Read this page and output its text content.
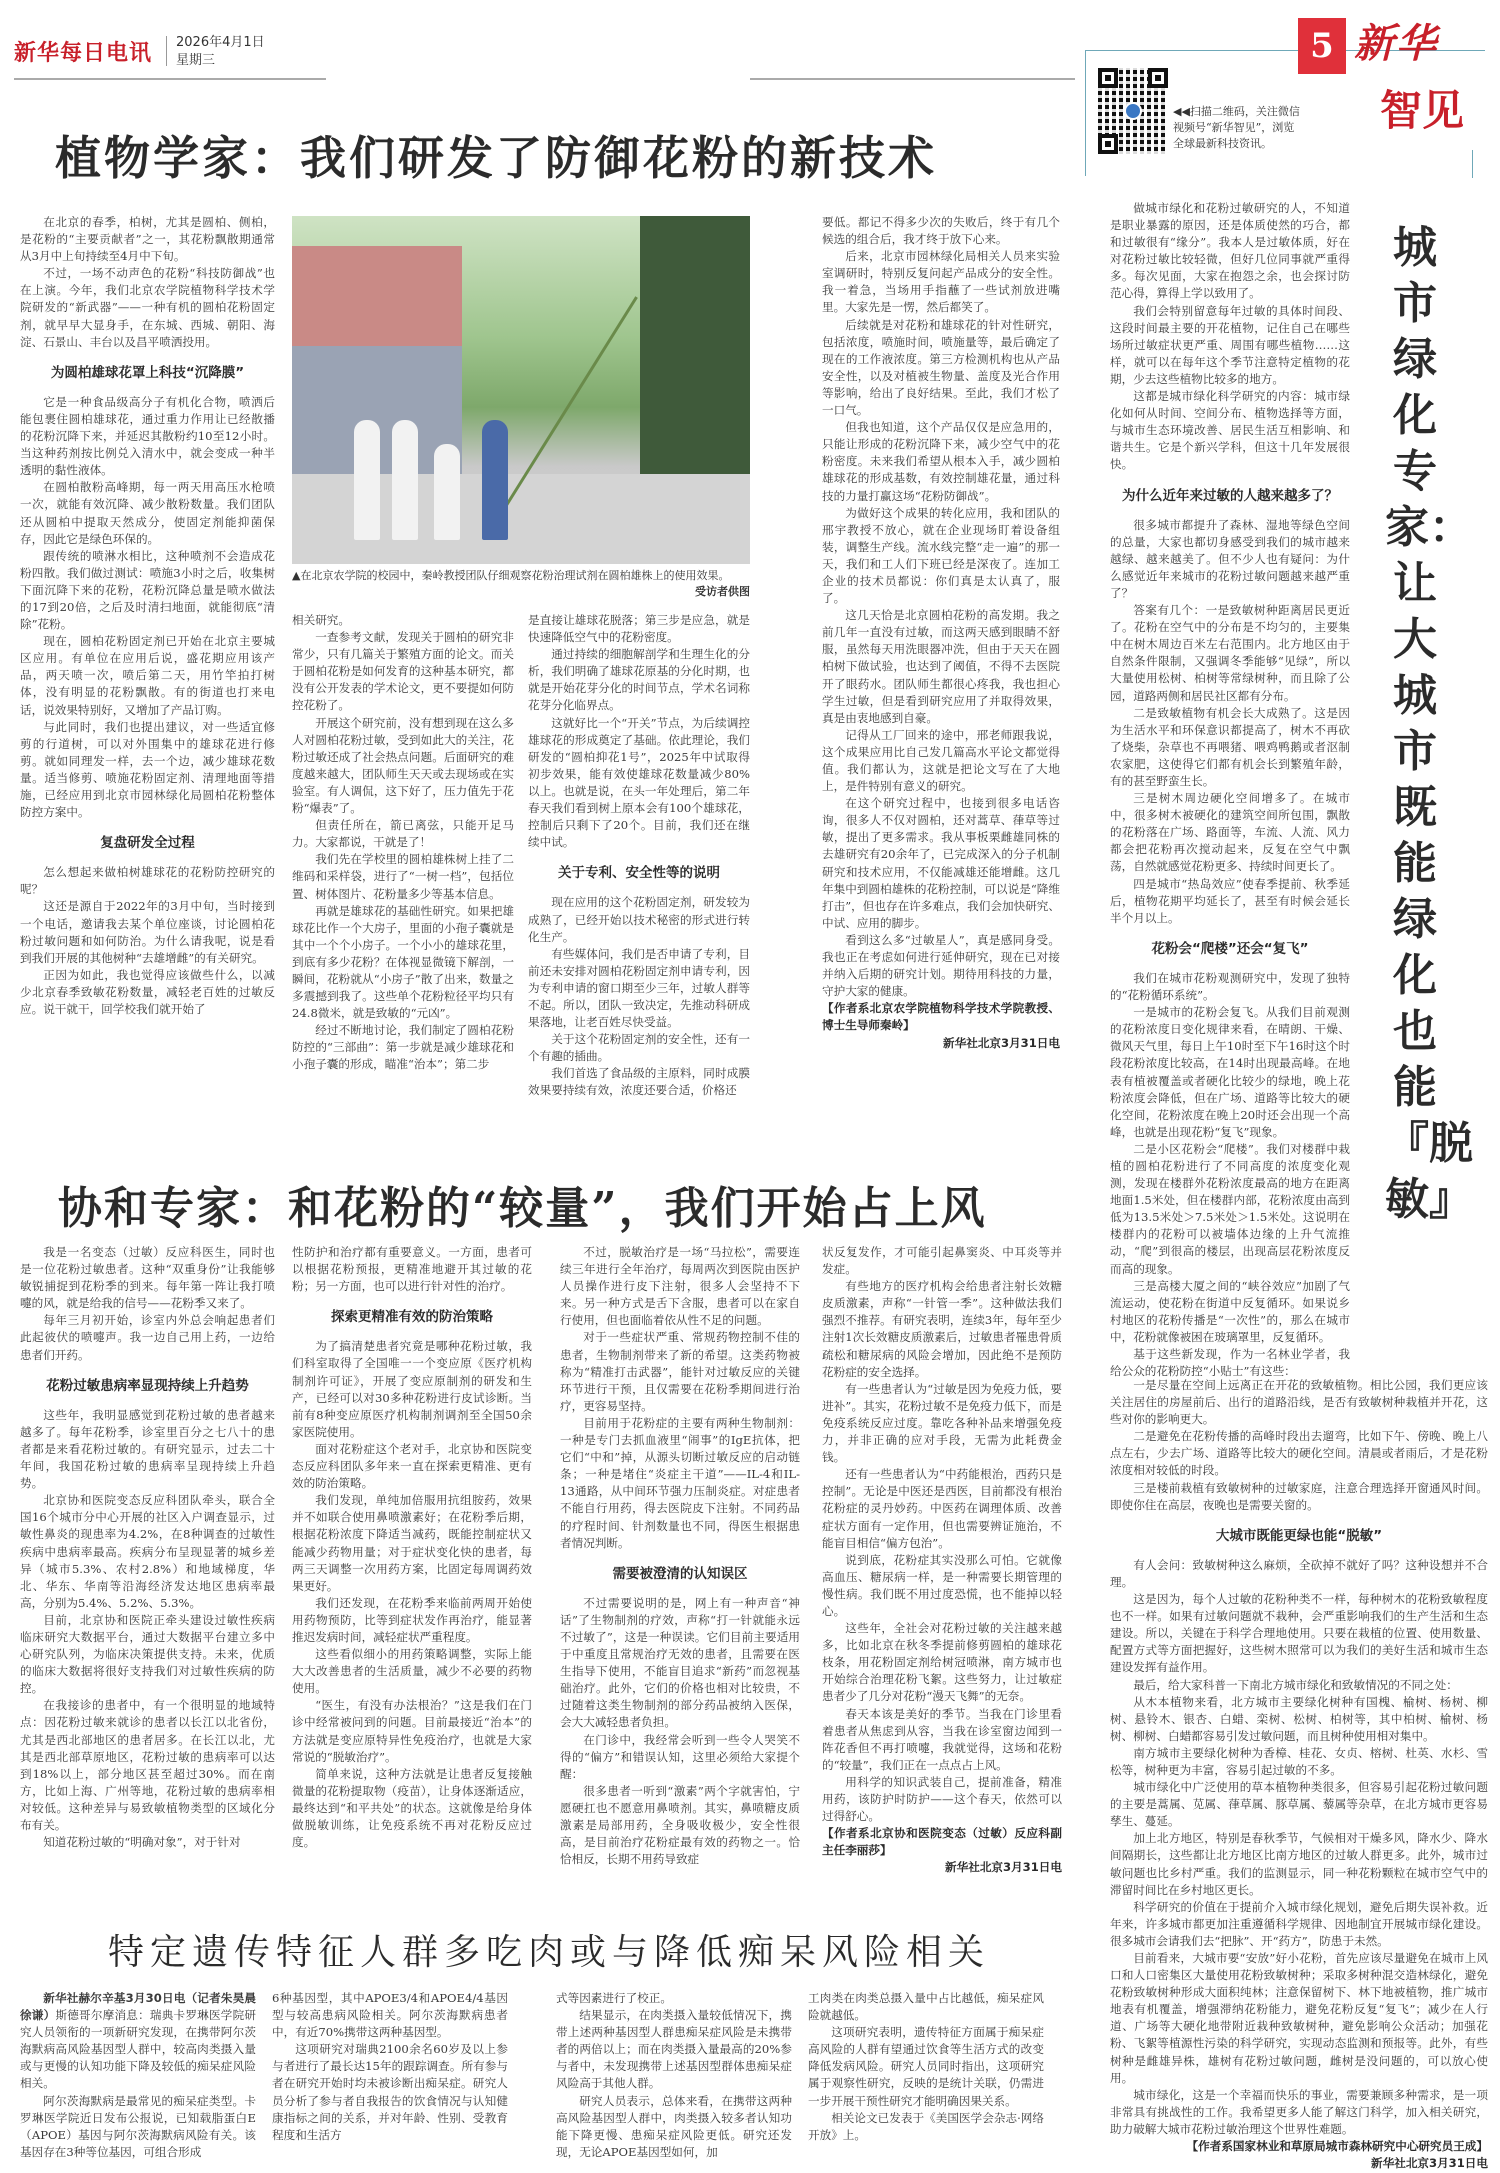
新华每日电讯 2026年4月1日
星期三
◀◀扫描二维码，关注微信视频号“新华智见”，浏览全球最新科技资讯。
5 新华
智见
植物学家：我们研发了防御花粉的新技术

在北京的春季，柏树，尤其是圆柏、侧柏，是花粉的“主要贡献者”之一，其花粉飘散期通常从3月中上旬持续至4月中下旬。

不过，一场不动声色的花粉“科技防御战”也在上演。今年，我们北京农学院植物科学技术学院研发的“新武器”——一种有机的圆柏花粉固定剂，就早早大显身手，在东城、西城、朝阳、海淀、石景山、丰台以及昌平喷洒投用。

为圆柏雄球花罩上科技“沉降膜”

它是一种食品级高分子有机化合物，喷洒后能包裹住圆柏雄球花，通过重力作用让已经散播的花粉沉降下来，并延迟其散粉约10至12小时。当这种药剂按比例兑入清水中，就会变成一种半透明的黏性液体。

在圆柏散粉高峰期，每一两天用高压水枪喷一次，就能有效沉降、减少散粉数量。我们团队还从圆柏中提取天然成分，使固定剂能抑菌保存，因此它是绿色环保的。

跟传统的喷淋水相比，这种喷剂不会造成花粉四散。我们做过测试：喷施3小时之后，收集树下面沉降下来的花粉，花粉沉降总量是喷水做法的17到20倍，之后及时清扫地面，就能彻底“清除”花粉。

现在，圆柏花粉固定剂已开始在北京主要城区应用。有单位在应用后说，盛花期应用该产品，两天喷一次，喷后第二天，用竹竿拍打树体，没有明显的花粉飘散。有的街道也打来电话，说效果特别好，又增加了产品订购。

与此同时，我们也提出建议，对一些适宜修剪的行道树，可以对外围集中的雄球花进行修剪。就如同理发一样，去一个边，减少雄球花数量。适当修剪、喷施花粉固定剂、清理地面等措施，已经应用到北京市园林绿化局圆柏花粉整体防控方案中。

复盘研发全过程

怎么想起来做柏树雄球花的花粉防控研究的呢？

这还是源自于2022年的3月中旬，当时接到一个电话，邀请我去某个单位座谈，讨论圆柏花粉过敏问题和如何防治。为什么请我呢，说是看到我们开展的其他树种“去雄增雌”的有关研究。

正因为如此，我也觉得应该做些什么，以减少北京春季致敏花粉数量，减轻老百姓的过敏反应。说干就干，回学校我们就开始了

▲在北京农学院的校园中，秦岭教授团队仔细观察花粉治理试剂在圆柏雄株上的使用效果。
受访者供图

相关研究。

一查参考文献，发现关于圆柏的研究非常少，只有几篇关于繁殖方面的论文。而关于圆柏花粉是如何发育的这种基本研究，都没有公开发表的学术论文，更不要提如何防控花粉了。

开展这个研究前，没有想到现在这么多人对圆柏花粉过敏，受到如此大的关注，花粉过敏还成了社会热点问题。后面研究的难度越来越大，团队师生天天或去现场或在实验室。有人调侃，这下好了，压力值先于花粉“爆表”了。

但责任所在，箭已离弦，只能开足马力。大家都说，干就是了！

我们先在学校里的圆柏雄株树上挂了二维码和采样袋，进行了“一树一档”，包括位置、树体图片、花粉量多少等基本信息。

再就是雄球花的基础性研究。如果把雄球花比作一个大房子，里面的小孢子囊就是其中一个个小房子。一个小小的雄球花里，到底有多少花粉？在体视显微镜下解剖，一瞬间，花粉就从“小房子”散了出来，数量之多震撼到我了。这些单个花粉粒径平均只有24.8微米，就是致敏的“元凶”。

经过不断地讨论，我们制定了圆柏花粉防控的“三部曲”：第一步就是减少雄球花和小孢子囊的形成，瞄准“治本”；第二步

是直接让雄球花脱落；第三步是应急，就是快速降低空气中的花粉密度。

通过持续的细胞解剖学和生理生化的分析，我们明确了雄球花原基的分化时期，也就是开始花芽分化的时间节点，学术名词称花芽分化临界点。

这就好比一个“开关”节点，为后续调控雄球花的形成奠定了基础。依此理论，我们研发的“圆柏抑花1号”，2025年中试取得初步效果，能有效使雄球花数量减少80%以上。也就是说，在头一年处理后，第二年春天我们看到树上原本会有100个雄球花，控制后只剩下了20个。目前，我们还在继续中试。

关于专利、安全性等的说明

现在应用的这个花粉固定剂，研发较为成熟了，已经开始以技术秘密的形式进行转化生产。

有些媒体问，我们是否申请了专利，目前还未安排对圆柏花粉固定剂申请专利，因为专利申请的窗口期至少三年，过敏人群等不起。所以，团队一致决定，先推动科研成果落地，让老百姓尽快受益。

关于这个花粉固定剂的安全性，还有一个有趣的插曲。

我们首选了食品级的主原料，同时成膜效果要持续有效，浓度还要合适，价格还

要低。都记不得多少次的失败后，终于有几个候选的组合后，我才终于放下心来。

后来，北京市园林绿化局相关人员来实验室调研时，特别反复问起产品成分的安全性。我一着急，当场用手指蘸了一些试剂放进嘴里。大家先是一愣，然后都笑了。

后续就是对花粉和雄球花的针对性研究，包括浓度，喷施时间，喷施量等，最后确定了现在的工作液浓度。第三方检测机构也从产品安全性，以及对植被生物量、盖度及光合作用等影响，给出了良好结果。至此，我们才松了一口气。

但我也知道，这个产品仅仅是应急用的，只能让形成的花粉沉降下来，减少空气中的花粉密度。未来我们希望从根本入手，减少圆柏雄球花的形成基数，有效控制雄花量，通过科技的力量打赢这场“花粉防御战”。

为做好这个成果的转化应用，我和团队的邢宇教授不放心，就在企业现场盯着设备组装，调整生产线。流水线完整“走一遍”的那一天，我们和工人们下班已经是深夜了。连加工企业的技术员都说：你们真是太认真了，服了。

这几天恰是北京圆柏花粉的高发期。我之前几年一直没有过敏，而这两天感到眼睛不舒服，虽然每天用洗眼器冲洗，但由于天天在圆柏树下做试验，也达到了阈值，不得不去医院开了眼药水。团队师生都很心疼我，我也担心学生过敏，但是看到研究应用了并取得效果，真是由衷地感到自豪。

记得从工厂回来的途中，邢老师跟我说，这个成果应用比自己发几篇高水平论文都觉得值。我们都认为，这就是把论文写在了大地上，是件特别有意义的研究。

在这个研究过程中，也接到很多电话咨询，很多人不仅对圆柏，还对蒿草、葎草等过敏，提出了更多需求。我从事板栗雌雄同株的去雄研究有20余年了，已完成深入的分子机制研究和技术应用，不仅能减雄还能增雌。这几年集中到圆柏雄株的花粉控制，可以说是“降维打击”，但也存在许多难点，我们会加快研究、中试、应用的脚步。

看到这么多“过敏星人”，真是感同身受。我也正在考虑如何进行延伸研究，现在已对接并纳入后期的研究计划。期待用科技的力量，守护大家的健康。

【作者系北京农学院植物科学技术学院教授、博士生导师秦岭】

新华社北京3月31日电

做城市绿化和花粉过敏研究的人，不知道是职业暴露的原因，还是体质使然的巧合，都和过敏很有“缘分”。我本人是过敏体质，好在对花粉过敏比较轻微，但好几位同事就严重得多。每次见面，大家在抱怨之余，也会探讨防范心得，算得上学以致用了。

我们会特别留意每年过敏的具体时间段、这段时间最主要的开花植物，记住自己在哪些场所过敏症状更严重、周围有哪些植物……这样，就可以在每年这个季节注意特定植物的花期，少去这些植物比较多的地方。

这都是城市绿化科学研究的内容：城市绿化如何从时间、空间分布、植物选择等方面，与城市生态环境改善、居民生活互相影响、和谐共生。它是个新兴学科，但这十几年发展很快。

为什么近年来过敏的人越来越多了？

很多城市都提升了森林、湿地等绿色空间的总量，大家也都切身感受到我们的城市越来越绿、越来越美了。但不少人也有疑问：为什么感觉近年来城市的花粉过敏问题越来越严重了？

答案有几个：一是致敏树种距离居民更近了。花粉在空气中的分布是不均匀的，主要集中在树木周边百米左右范围内。北方地区由于自然条件限制，又强调冬季能够“见绿”，所以大量使用松树、柏树等常绿树种，而且除了公园，道路两侧和居民社区都有分布。

二是致敏植物有机会长大成熟了。这是因为生活水平和环保意识都提高了，树木不再砍了烧柴，杂草也不再喂猪、喂鸡鸭鹅或者沤制农家肥，这使得它们都有机会长到繁殖年龄，有的甚至野蛮生长。

三是树木周边硬化空间增多了。在城市中，很多树木被硬化的建筑空间所包围，飘散的花粉落在广场、路面等，车流、人流、风力都会把花粉再次搅动起来，反复在空气中飘荡，自然就感觉花粉更多、持续时间更长了。

四是城市“热岛效应”使春季提前、秋季延后，植物花期平均延长了，甚至有时候会延长半个月以上。

花粉会“爬楼”还会“复飞”

我们在城市花粉观测研究中，发现了独特的“花粉循环系统”。

一是城市的花粉会复飞。从我们目前观测的花粉浓度日变化规律来看，在晴朗、干燥、微风天气里，每日上午10时至下午16时这个时段花粉浓度比较高，在14时出现最高峰。在地表有植被覆盖或者硬化比较少的绿地，晚上花粉浓度会降低，但在广场、道路等比较大的硬化空间，花粉浓度在晚上20时还会出现一个高峰，也就是出现花粉“复飞”现象。

二是小区花粉会“爬楼”。我们对楼群中栽植的圆柏花粉进行了不同高度的浓度变化观测，发现在楼群外花粉浓度最高的地方在距离地面1.5米处，但在楼群内部，花粉浓度由高到低为13.5米处＞7.5米处＞1.5米处。这说明在楼群内的花粉可以被墙体边缘的上升气流推动，“爬”到很高的楼层，出现高层花粉浓度反而高的现象。

三是高楼大厦之间的“峡谷效应”加剧了气流运动，使花粉在街道中反复循环。如果说乡村地区的花粉传播是“一次性”的，那么在城市中，花粉就像被困在玻璃罩里，反复循环。

基于这些新发现，作为一名林业学者，我给公众的花粉防控“小贴士”有这些：

城市绿化专家：让大城市既能绿化也能『脱敏』

一是尽量在空间上远离正在开花的致敏植物。相比公园，我们更应该关注居住的房屋前后、出行的道路沿线，是否有致敏树种栽植并开花，这些对你的影响更大。

二是避免在花粉传播的高峰时段出去遛弯，比如下午、傍晚、晚上八点左右，少去广场、道路等比较大的硬化空间。清晨或者雨后，才是花粉浓度相对较低的时段。

三是楼前栽植有致敏树种的过敏家庭，注意合理选择开窗通风时间。即使你住在高层，夜晚也是需要关窗的。

大城市既能更绿也能“脱敏”

有人会问：致敏树种这么麻烦，全砍掉不就好了吗？这种设想并不合理。

这是因为，每个人过敏的花粉种类不一样，每种树木的花粉致敏程度也不一样。如果有过敏问题就不栽种，会严重影响我们的生产生活和生态建设。所以，关键在于科学合理地使用。只要在栽植的位置、使用数量、配置方式等方面把握好，这些树木照常可以为我们的美好生活和城市生态建设发挥有益作用。

最后，给大家科普一下南北方城市绿化和致敏情况的不同之处：

从木本植物来看，北方城市主要绿化树种有国槐、榆树、杨树、柳树、悬铃木、银杏、白蜡、栾树、松树、柏树等，其中柏树、榆树、杨树、柳树、白蜡都容易引发过敏问题，而且树种使用相对集中。

南方城市主要绿化树种为香樟、桂花、女贞、榕树、杜英、水杉、雪松等，树种更为丰富，容易引起过敏的不多。

城市绿化中广泛使用的草本植物种类很多，但容易引起花粉过敏问题的主要是蒿属、苋属、葎草属、豚草属、藜属等杂草，在北方城市更容易孳生、蔓延。

加上北方地区，特别是春秋季节，气候相对干燥多风，降水少、降水间隔期长，这些都让北方地区比南方地区的过敏人群更多。此外，城市过敏问题也比乡村严重。我们的监测显示，同一种花粉颗粒在城市空气中的滞留时间比在乡村地区更长。

科学研究的价值在于提前介入城市绿化规划，避免后期失误补救。近年来，许多城市都更加注重遵循科学规律、因地制宜开展城市绿化建设。很多城市会请我们去“把脉”、开“药方”，防患于未然。

目前看来，大城市要“安放”好小花粉，首先应该尽量避免在城市上风口和人口密集区大量使用花粉致敏树种；采取多树种混交造林绿化，避免花粉致敏树种形成大面积纯林；注意保留树下、林下地被植物，推广城市地表有机覆盖，增强滞纳花粉能力，避免花粉反复“复飞”；减少在人行道、广场等大硬化地带附近栽种致敏树种，避免影响公众活动；加强花粉、飞絮等植源性污染的科学研究，实现动态监测和预报等。此外，有些树种是雌雄异株，雄树有花粉过敏问题，雌树是没问题的，可以放心使用。

城市绿化，这是一个幸福而快乐的事业，需要兼顾多种需求，是一项非常具有挑战性的工作。我希望更多人能了解这门科学，加入相关研究，助力破解大城市花粉过敏治理这个世界性难题。

【作者系国家林业和草原局城市森林研究中心研究员王成】

新华社北京3月31日电

协和专家：和花粉的“较量”，我们开始占上风

我是一名变态（过敏）反应科医生，同时也是一位花粉过敏患者。这种“双重身份”让我能够敏锐捕捉到花粉季的到来。每年第一阵让我打喷嚏的风，就是给我的信号——花粉季又来了。

每年三月初开始，诊室内外总会响起患者们此起彼伏的喷嚏声。我一边自己用上药，一边给患者们开药。

花粉过敏患病率显现持续上升趋势

这些年，我明显感觉到花粉过敏的患者越来越多了。每年花粉季，诊室里百分之七八十的患者都是来看花粉过敏的。有研究显示，过去二十年间，我国花粉过敏的患病率呈现持续上升趋势。

北京协和医院变态反应科团队牵头，联合全国16个城市分中心开展的社区入户调查显示，过敏性鼻炎的现患率为4.2%，在8种调查的过敏性疾病中患病率最高。疾病分布呈现显著的城乡差异（城市5.3%、农村2.8%）和地域梯度，华北、华东、华南等沿海经济发达地区患病率最高，分别为5.4%、5.2%、5.3%。

目前，北京协和医院正牵头建设过敏性疾病临床研究大数据平台，通过大数据平台建立多中心研究队列，为临床决策提供支持。未来，优质的临床大数据将很好支持我们对过敏性疾病的防控。

在我接诊的患者中，有一个很明显的地域特点：因花粉过敏来就诊的患者以长江以北省份，尤其是西北部地区的患者居多。在长江以北，尤其是西北部草原地区，花粉过敏的患病率可以达到18%以上，部分地区甚至超过30%。而在南方，比如上海、广州等地，花粉过敏的患病率相对较低。这种差异与易致敏植物类型的区域化分布有关。

知道花粉过敏的“明确对象”，对于针对

性防护和治疗都有重要意义。一方面，患者可以根据花粉预报，更精准地避开其过敏的花粉；另一方面，也可以进行针对性的治疗。

探索更精准有效的防治策略

为了搞清楚患者究竟是哪种花粉过敏，我们科室取得了全国唯一一个变应原《医疗机构制剂许可证》，开展了变应原制剂的研发和生产，已经可以对30多种花粉进行皮试诊断。当前有8种变应原医疗机构制剂调剂至全国50余家医院使用。

面对花粉症这个老对手，北京协和医院变态反应科团队多年来一直在探索更精准、更有效的防治策略。

我们发现，单纯加倍服用抗组胺药，效果并不如联合使用鼻喷激素好；在花粉季后期，根据花粉浓度下降适当减药，既能控制症状又能减少药物用量；对于症状变化快的患者，每两三天调整一次用药方案，比固定每周调药效果更好。

我们还发现，在花粉季来临前两周开始使用药物预防，比等到症状发作再治疗，能显著推迟发病时间，减轻症状严重程度。

这些看似细小的用药策略调整，实际上能大大改善患者的生活质量，减少不必要的药物使用。

“医生，有没有办法根治？”这是我们在门诊中经常被问到的问题。目前最接近“治本”的方法就是变应原特异性免疫治疗，也就是大家常说的“脱敏治疗”。

简单来说，这种方法就是让患者反复接触微量的花粉提取物（疫苗），让身体逐渐适应，最终达到“和平共处”的状态。这就像是给身体做脱敏训练，让免疫系统不再对花粉反应过度。

不过，脱敏治疗是一场“马拉松”，需要连续三年进行全年治疗，每周两次到医院由医护人员操作进行皮下注射，很多人会坚持不下来。另一种方式是舌下含服，患者可以在家自行使用，但也面临着依从性不足的问题。

对于一些症状严重、常规药物控制不佳的患者，生物制剂带来了新的希望。这类药物被称为“精准打击武器”，能针对过敏反应的关键环节进行干预，且仅需要在花粉季期间进行治疗，更容易坚持。

目前用于花粉症的主要有两种生物制剂：一种是专门去抓血液里“闹事”的IgE抗体，把它们“中和”掉，从源头切断过敏反应的启动链条；一种是堵住“炎症主干道”——IL-4和IL-13通路，从中间环节强力压制炎症。对症患者不能自行用药，得去医院皮下注射。不同药品的疗程时间、针剂数量也不同，得医生根据患者情况判断。

需要被澄清的认知误区

不过需要说明的是，网上有一种声音“神话”了生物制剂的疗效，声称“打一针就能永远不过敏了”，这是一种误读。它们目前主要适用于中重度且常规治疗无效的患者，且需要在医生指导下使用，不能盲目追求“新药”而忽视基础治疗。此外，它们的价格也相对比较贵，不过随着这类生物制剂的部分药品被纳入医保，会大大减轻患者负担。

在门诊中，我经常会听到一些令人哭笑不得的“偏方”和错误认知，这里必须给大家提个醒：

很多患者一听到“激素”两个字就害怕，宁愿硬扛也不愿意用鼻喷剂。其实，鼻喷糖皮质激素是局部用药，全身吸收极少，安全性很高，是目前治疗花粉症最有效的药物之一。恰恰相反，长期不用药导致症

状反复发作，才可能引起鼻窦炎、中耳炎等并发症。

有些地方的医疗机构会给患者注射长效糖皮质激素，声称“一针管一季”。这种做法我们强烈不推荐。有研究表明，连续3年，每年至少注射1次长效糖皮质激素后，过敏患者罹患骨质疏松和糖尿病的风险会增加，因此绝不是预防花粉症的安全选择。

有一些患者认为“过敏是因为免疫力低，要进补”。其实，花粉过敏不是免疫力低下，而是免疫系统反应过度。靠吃各种补品来增强免疫力，并非正确的应对手段，无需为此耗费金钱。

还有一些患者认为“中药能根治，西药只是控制”。无论是中医还是西医，目前都没有根治花粉症的灵丹妙药。中医药在调理体质、改善症状方面有一定作用，但也需要辨证施治，不能盲目相信“偏方包治”。

说到底，花粉症其实没那么可怕。它就像高血压、糖尿病一样，是一种需要长期管理的慢性病。我们既不用过度恐慌，也不能掉以轻心。

这些年，全社会对花粉过敏的关注越来越多，比如北京在秋冬季提前修剪圆柏的雄球花枝条，用花粉固定剂给树冠喷淋，南方城市也开始综合治理花粉飞絮。这些努力，让过敏症患者少了几分对花粉“漫天飞舞”的无奈。

春天本该是美好的季节。当我在门诊里看着患者从焦虑到从容，当我在诊室窗边闻到一阵花香但不再打喷嚏，我就觉得，这场和花粉的“较量”，我们正在一点点占上风。

用科学的知识武装自己，提前准备，精准用药，该防护时防护——这个春天，依然可以过得舒心。

【作者系北京协和医院变态（过敏）反应科副主任李丽莎】

新华社北京3月31日电

特定遗传特征人群多吃肉或与降低痴呆风险相关

新华社赫尔辛基3月30日电（记者朱昊晨　徐谦）斯德哥尔摩消息：瑞典卡罗琳医学院研究人员领衔的一项新研究发现，在携带阿尔茨海默病高风险基因型人群中，较高肉类摄入量或与更慢的认知功能下降及较低的痴呆症风险相关。

阿尔茨海默病是最常见的痴呆症类型。卡罗琳医学院近日发布公报说，已知载脂蛋白E（APOE）基因与阿尔茨海默病风险有关。该基因存在3种等位基因，可组合形成

6种基因型，其中APOE3/4和APOE4/4基因型与较高患病风险相关。阿尔茨海默病患者中，有近70%携带这两种基因型。

这项研究对瑞典2100余名60岁及以上参与者进行了最长达15年的跟踪调查。所有参与者在研究开始时均未被诊断出痴呆症。研究人员分析了参与者自我报告的饮食情况与认知健康指标之间的关系，并对年龄、性别、受教育程度和生活方

式等因素进行了校正。

结果显示，在肉类摄入量较低情况下，携带上述两种基因型人群患痴呆症风险是未携带者的两倍以上；而在肉类摄入量最高的20%参与者中，未发现携带上述基因型群体患痴呆症风险高于其他人群。

研究人员表示，总体来看，在携带这两种高风险基因型人群中，肉类摄入较多者认知功能下降更慢、患痴呆症风险更低。研究还发现，无论APOE基因型如何，加

工肉类在肉类总摄入量中占比越低，痴呆症风险就越低。

这项研究表明，遗传特征方面属于痴呆症高风险的人群有望通过饮食等生活方式的改变降低发病风险。研究人员同时指出，这项研究属于观察性研究，反映的是统计关联，仍需进一步开展干预性研究才能明确因果关系。

相关论文已发表于《美国医学会杂志·网络开放》上。
